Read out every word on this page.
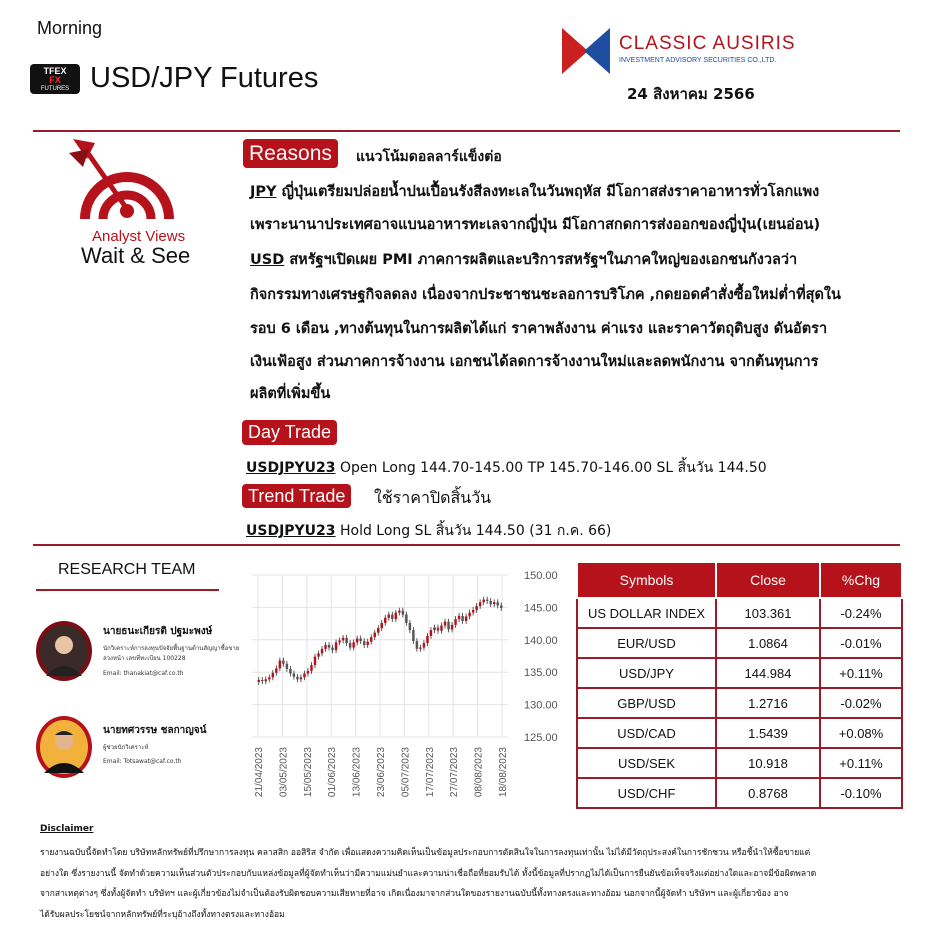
Morning
TFEX
FX
FUTURES USD/JPY Futures
CLASSIC AUSIRIS
INVESTMENT ADVISORY SECURITIES CO.,LTD.
24 สิงหาคม 2566
Analyst Views
Wait & See
Reasons	แนวโน้มดอลลาร์แข็งต่อ
JPY ญี่ปุ่นเตรียมปล่อยน้ำปนเปื้อนรังสีลงทะเลในวันพฤหัส มีโอกาสส่งราคาอาหารทั่วโลกแพง
เพราะนานาประเทศอาจแบนอาหารทะเลจากญี่ปุ่น มีโอกาสกดการส่งออกของญี่ปุ่น(เยนอ่อน)
USD สหรัฐฯเปิดเผย PMI ภาคการผลิตและบริการสหรัฐฯในภาคใหญ่ของเอกชนกังวลว่า
กิจกรรมทางเศรษฐกิจลดลง เนื่องจากประชาชนชะลอการบริโภค ,กดยอดคำสั่งซื้อใหม่ต่ำที่สุดใน
รอบ 6 เดือน ,ทางต้นทุนในการผลิตได้แก่ ราคาพลังงาน ค่าแรง และราคาวัตถุดิบสูง ดันอัตรา
เงินเฟ้อสูง ส่วนภาคการจ้างงาน เอกชนได้ลดการจ้างงานใหม่และลดพนักงาน จากต้นทุนการ
ผลิตที่เพิ่มขึ้น
Day Trade
USDJPYU23 Open Long 144.70-145.00 TP 145.70-146.00 SL สิ้นวัน 144.50
Trend Trade	ใช้ราคาปิดสิ้นวัน
USDJPYU23 Hold Long SL สิ้นวัน 144.50 (31 ก.ค. 66)
RESEARCH TEAM
นายธนะเกียรติ ปฐมะพงษ์
นักวิเคราะห์การลงทุนปัจจัยพื้นฐานด้านสัญญาซื้อขายล่วงหน้า เลขที่ทะเบียน 100228
Email: thanakiat@caf.co.th
นายทศวรรษ ชลกาญจน์
ผู้ช่วยนักวิเคราะห์
Email: Totsawat@caf.co.th
150.00
145.00
140.00
135.00
130.00
125.00
21/04/2023 03/05/2023 15/05/2023 01/06/2023 13/06/2023 23/06/2023 05/07/2023 17/07/2023 27/07/2023 08/08/2023 18/08/2023
Symbols	Close	%Chg
US DOLLAR INDEX	103.361	-0.24%
EUR/USD	1.0864	-0.01%
USD/JPY	144.984	+0.11%
GBP/USD	1.2716	-0.02%
USD/CAD	1.5439	+0.08%
USD/SEK	10.918	+0.11%
USD/CHF	0.8768	-0.10%
Disclaimer
รายงานฉบับนี้จัดทำโดย บริษัทหลักทรัพย์ที่ปรึกษาการลงทุน คลาสสิก ออสิริส จำกัด เพื่อแสดงความคิดเห็นเป็นข้อมูลประกอบการตัดสินใจในการลงทุนเท่านั้น ไม่ได้มีวัตถุประสงค์ในการชักชวน หรือชี้นำให้ซื้อขายแต่
อย่างใด ซึ่งรายงานนี้ จัดทำด้วยความเห็นส่วนตัวประกอบกับแหล่งข้อมูลที่ผู้จัดทำเห็นว่ามีความแม่นยำและความน่าเชื่อถือที่ยอมรับได้ ทั้งนี้ข้อมูลที่ปรากฏไม่ได้เป็นการยืนยันข้อเท็จจริงแต่อย่างใดและอาจมีข้อผิดพลาด
จากสาเหตุต่างๆ ซึ่งทั้งผู้จัดทำ บริษัทฯ และผู้เกี่ยวข้องไม่จำเป็นต้องรับผิดชอบความเสียหายที่อาจ เกิดเนื่องมาจากส่วนใดของรายงานฉบับนี้ทั้งทางตรงและทางอ้อม นอกจากนี้ผู้จัดทำ บริษัทฯ และผู้เกี่ยวข้อง อาจ
ได้รับผลประโยชน์จากหลักทรัพย์ที่ระบุอ้างถึงทั้งทางตรงและทางอ้อม
